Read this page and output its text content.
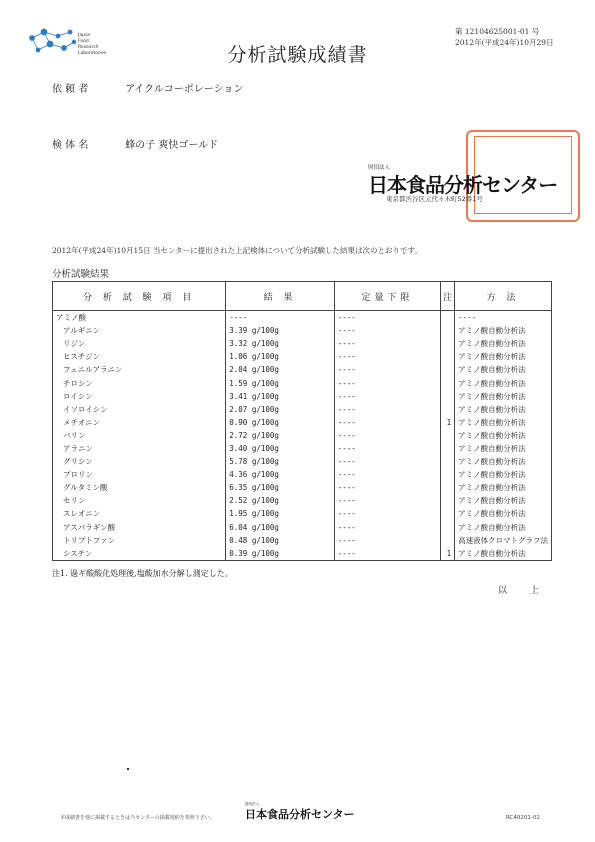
Japan
Food
Research
Laboratories	分析試験成績書
第 12104625001-01 号
2012年(平成24年)10月29日
依 頼 者	アイクルコーポレーション
検 体 名	蜂の子 爽快ゴールド
財団法人
日本食品分析センター
東京都渋谷区元代々木町52番1号
2012年(平成24年)10月15日 当センターに提出された上記検体について分析試験した結果は次のとおりです。
分析試験結果
分 析 試 験 項 目	結 果	定量下限	注	方 法
アミノ酸	----	----		----
アルギニン	3.39 g/100g	----		アミノ酸自動分析法
リジン	3.32 g/100g	----		アミノ酸自動分析法
ヒスチジン	1.06 g/100g	----		アミノ酸自動分析法
フェニルアラニン	2.04 g/100g	----		アミノ酸自動分析法
チロシン	1.59 g/100g	----		アミノ酸自動分析法
ロイシン	3.41 g/100g	----		アミノ酸自動分析法
イソロイシン	2.07 g/100g	----		アミノ酸自動分析法
メチオニン	0.90 g/100g	----	1	アミノ酸自動分析法
バリン	2.72 g/100g	----		アミノ酸自動分析法
アラニン	3.40 g/100g	----		アミノ酸自動分析法
グリシン	5.78 g/100g	----		アミノ酸自動分析法
プロリン	4.36 g/100g	----		アミノ酸自動分析法
グルタミン酸	6.35 g/100g	----		アミノ酸自動分析法
セリン	2.52 g/100g	----		アミノ酸自動分析法
スレオニン	1.95 g/100g	----		アミノ酸自動分析法
アスパラギン酸	6.04 g/100g	----		アミノ酸自動分析法
トリプトファン	0.48 g/100g	----		高速液体クロマトグラフ法
シスチン	0.39 g/100g	----	1	アミノ酸自動分析法
注1. 過ギ酸酸化処理後,塩酸加水分解し測定した。
以 上
本成績書を他に掲載するときは当センターの掲載規約を参照下さい。
財団法人
日本食品分析センター	RC40201-02
